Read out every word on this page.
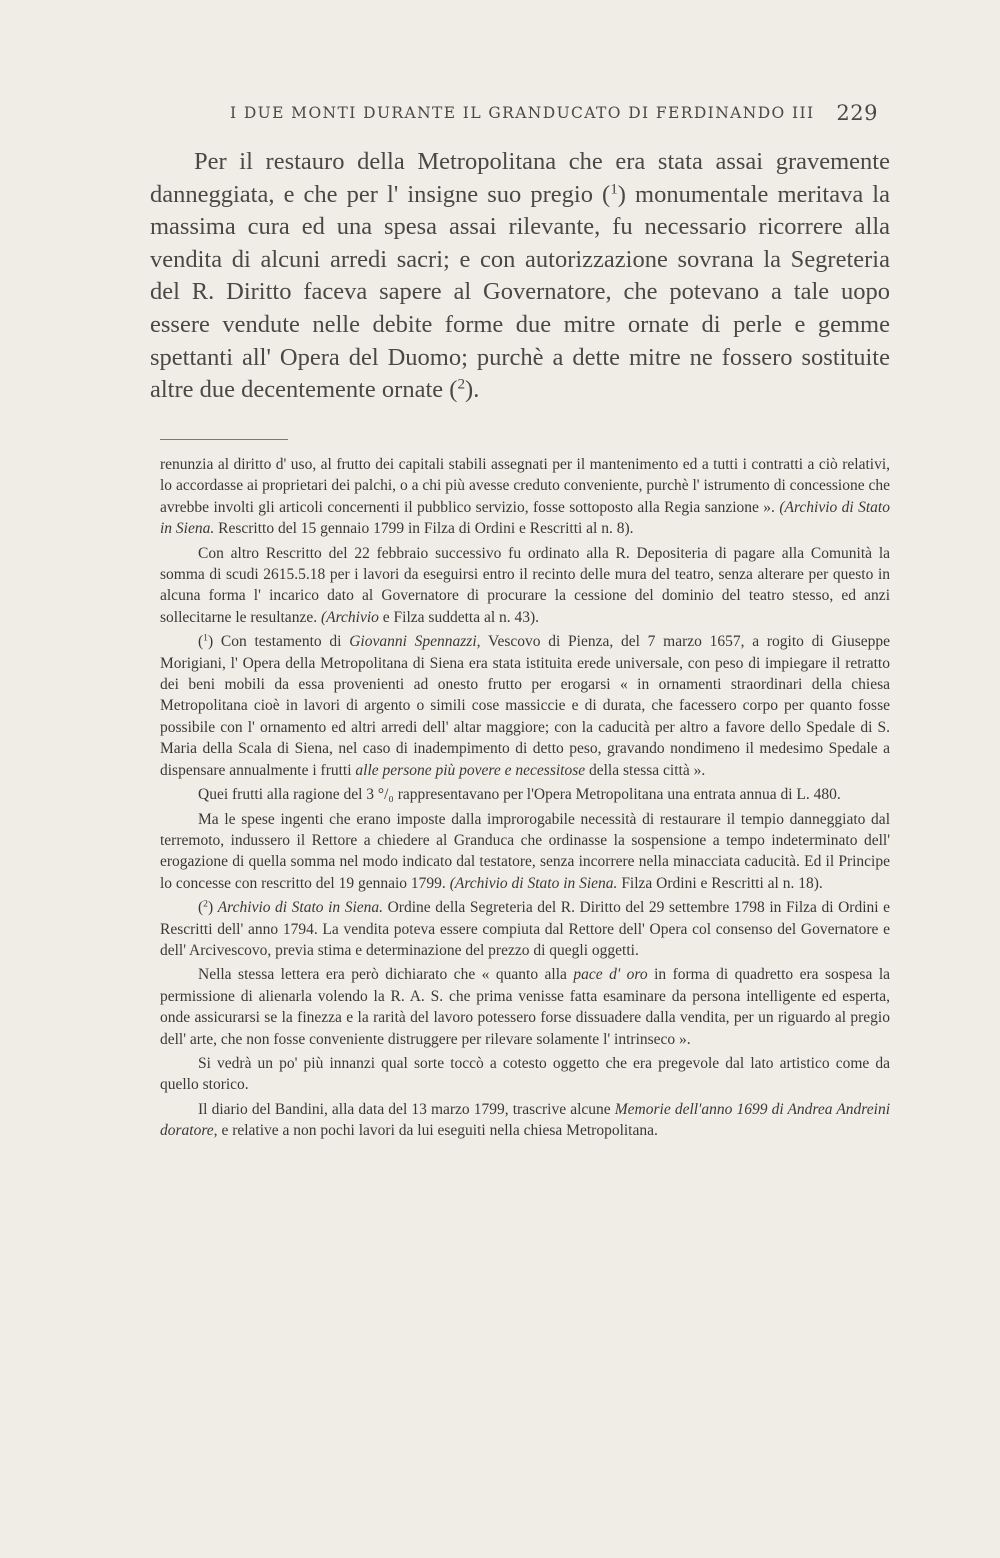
I DUE MONTI DURANTE IL GRANDUCATO DI FERDINANDO III 229

Per il restauro della Metropolitana che era stata assai gravemente danneggiata, e che per l' insigne suo pregio ($^1$) monumentale meritava la massima cura ed una spesa assai rilevante, fu necessario ricorrere alla vendita di alcuni arredi sacri; e con autorizzazione sovrana la Segreteria del R. Diritto faceva sapere al Governatore, che potevano a tale uopo essere vendute nelle debite forme due mitre ornate di perle e gemme spettanti all' Opera del Duomo; purchè a dette mitre ne fossero sostituite altre due decentemente ornate ($^2$).

renunzia al diritto d' uso, al frutto dei capitali stabili assegnati per il mantenimento ed a tutti i contratti a ciò relativi, lo accordasse ai proprietari dei palchi, o a chi più avesse creduto conveniente, purchè l' istrumento di concessione che avrebbe involti gli articoli concernenti il pubblico servizio, fosse sottoposto alla Regia sanzione ». (Archivio di Stato in Siena. Rescritto del 15 gennaio 1799 in Filza di Ordini e Rescritti al n. 8).

Con altro Rescritto del 22 febbraio successivo fu ordinato alla R. Depositeria di pagare alla Comunità la somma di scudi 2615.5.18 per i lavori da eseguirsi entro il recinto delle mura del teatro, senza alterare per questo in alcuna forma l' incarico dato al Governatore di procurare la cessione del dominio del teatro stesso, ed anzi sollecitarne le resultanze. (Archivio e Filza suddetta al n. 43).

($^1$) Con testamento di Giovanni Spennazzi, Vescovo di Pienza, del 7 marzo 1657, a rogito di Giuseppe Morigiani, l' Opera della Metropolitana di Siena era stata istituita erede universale, con peso di impiegare il retratto dei beni mobili da essa provenienti ad onesto frutto per erogarsi « in ornamenti straordinari della chiesa Metropolitana cioè in lavori di argento o simili cose massiccie e di durata, che facessero corpo per quanto fosse possibile con l' ornamento ed altri arredi dell' altar maggiore; con la caducità per altro a favore dello Spedale di S. Maria della Scala di Siena, nel caso di inadempimento di detto peso, gravando nondimeno il medesimo Spedale a dispensare annualmente i frutti alle persone più povere e necessitose della stessa città ».

Quei frutti alla ragione del 3 °/₀ rappresentavano per l'Opera Metropolitana una entrata annua di L. 480.

Ma le spese ingenti che erano imposte dalla improrogabile necessità di restaurare il tempio danneggiato dal terremoto, indussero il Rettore a chiedere al Granduca che ordinasse la sospensione a tempo indeterminato dell' erogazione di quella somma nel modo indicato dal testatore, senza incorrere nella minacciata caducità. Ed il Principe lo concesse con rescritto del 19 gennaio 1799. (Archivio di Stato in Siena. Filza Ordini e Rescritti al n. 18).

($^2$) Archivio di Stato in Siena. Ordine della Segreteria del R. Diritto del 29 settembre 1798 in Filza di Ordini e Rescritti dell' anno 1794. La vendita poteva essere compiuta dal Rettore dell' Opera col consenso del Governatore e dell' Arcivescovo, previa stima e determinazione del prezzo di quegli oggetti.

Nella stessa lettera era però dichiarato che « quanto alla pace d' oro in forma di quadretto era sospesa la permissione di alienarla volendo la R. A. S. che prima venisse fatta esaminare da persona intelligente ed esperta, onde assicurarsi se la finezza e la rarità del lavoro potessero forse dissuadere dalla vendita, per un riguardo al pregio dell' arte, che non fosse conveniente distruggere per rilevare solamente l' intrinseco ».

Si vedrà un po' più innanzi qual sorte toccò a cotesto oggetto che era pregevole dal lato artistico come da quello storico.

Il diario del Bandini, alla data del 13 marzo 1799, trascrive alcune Memorie dell'anno 1699 di Andrea Andreini doratore, e relative a non pochi lavori da lui eseguiti nella chiesa Metropolitana.
